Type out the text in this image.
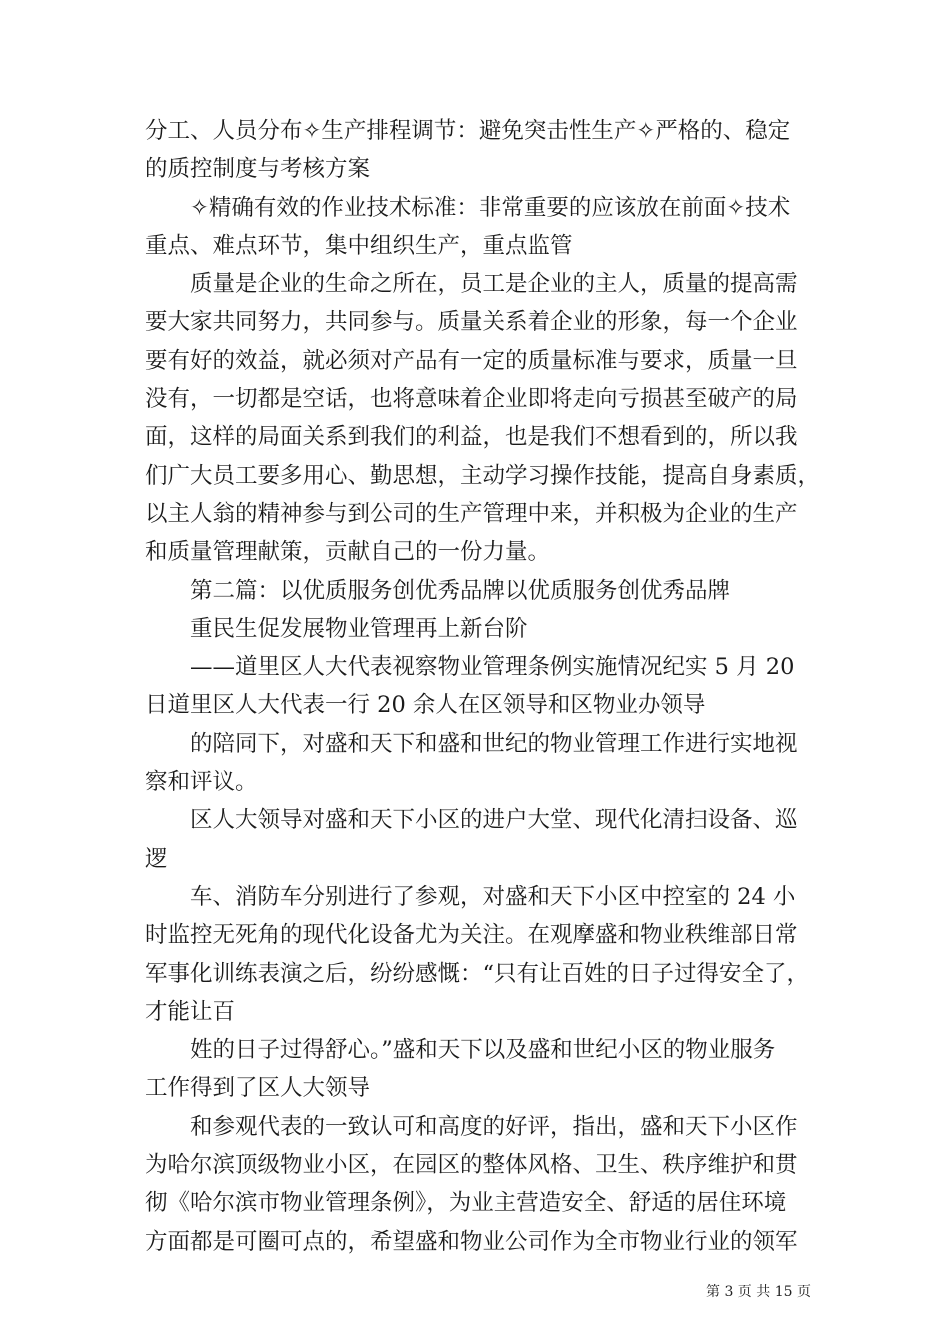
分工、人员分布✧生产排程调节：避免突击性生产✧严格的、稳定
的质控制度与考核方案
✧精确有效的作业技术标准：非常重要的应该放在前面✧技术
重点、难点环节，集中组织生产，重点监管
质量是企业的生命之所在，员工是企业的主人，质量的提高需
要大家共同努力，共同参与。质量关系着企业的形象，每一个企业
要有好的效益，就必须对产品有一定的质量标准与要求，质量一旦
没有，一切都是空话，也将意味着企业即将走向亏损甚至破产的局
面，这样的局面关系到我们的利益，也是我们不想看到的，所以我
们广大员工要多用心、勤思想，主动学习操作技能，提高自身素质，
以主人翁的精神参与到公司的生产管理中来，并积极为企业的生产
和质量管理献策，贡献自己的一份力量。
第二篇：以优质服务创优秀品牌以优质服务创优秀品牌
重民生促发展物业管理再上新台阶
——道里区人大代表视察物业管理条例实施情况纪实 5 月 20
日道里区人大代表一行 20 余人在区领导和区物业办领导
的陪同下，对盛和天下和盛和世纪的物业管理工作进行实地视
察和评议。
区人大领导对盛和天下小区的进户大堂、现代化清扫设备、巡
逻
车、消防车分别进行了参观，对盛和天下小区中控室的 24 小
时监控无死角的现代化设备尤为关注。在观摩盛和物业秩维部日常
军事化训练表演之后，纷纷感慨：“只有让百姓的日子过得安全了，
才能让百
姓的日子过得舒心。”盛和天下以及盛和世纪小区的物业服务
工作得到了区人大领导
和参观代表的一致认可和高度的好评，指出，盛和天下小区作
为哈尔滨顶级物业小区，在园区的整体风格、卫生、秩序维护和贯
彻《哈尔滨市物业管理条例》，为业主营造安全、舒适的居住环境
方面都是可圈可点的，希望盛和物业公司作为全市物业行业的领军
第 3 页 共 15 页
